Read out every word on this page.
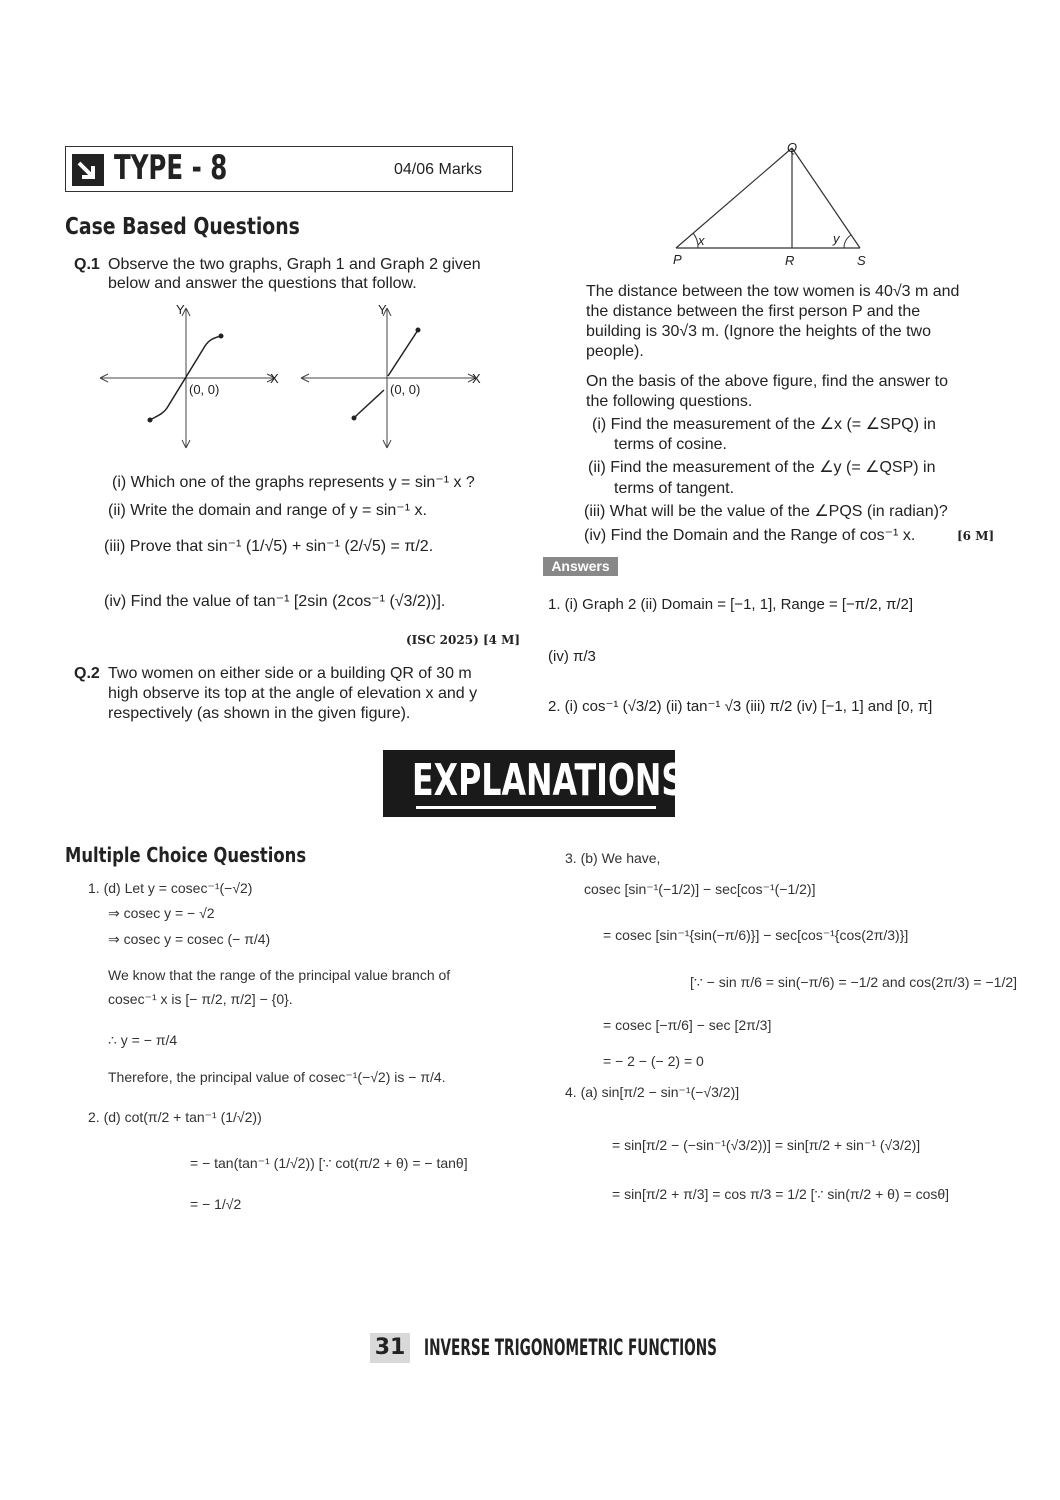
TYPE - 8	04/06 Marks
Case Based Questions
Q.1 Observe the two graphs, Graph 1 and Graph 2 given
below and answer the questions that follow.
(0, 0)
X
Y
(0, 0)
X
Y
(i) Which one of the graphs represents y = sin⁻¹ x ?
(ii) Write the domain and range of y = sin⁻¹ x.
(iii) Prove that sin⁻¹ (1/√5) + sin⁻¹ (2/√5) = π/2.
(iv) Find the value of tan⁻¹ [2sin (2cos⁻¹ (√3/2))].
(ISC 2025) [4 M]
Q.2 Two women on either side or a building QR of 30 m
high observe its top at the angle of elevation x and y
respectively (as shown in the given figure).
Q
P	R	S
x	y
The distance between the tow women is 40√3 m and
the distance between the first person P and the
building is 30√3 m. (Ignore the heights of the two
people).
On the basis of the above figure, find the answer to
the following questions.
(i) Find the measurement of the ∠x (= ∠SPQ) in
terms of cosine.
(ii) Find the measurement of the ∠y (= ∠QSP) in
terms of tangent.
(iii) What will be the value of the ∠PQS (in radian)?
(iv) Find the Domain and the Range of cos⁻¹ x.	[6 M]
Answers
1. (i) Graph 2 (ii) Domain = [−1, 1], Range = [−π/2, π/2]
(iv) π/3
2. (i) cos⁻¹ (√3/2) (ii) tan⁻¹ √3 (iii) π/2 (iv) [−1, 1] and [0, π]
EXPLANATIONS
Multiple Choice Questions
1. (d) Let y = cosec⁻¹(−√2)
⇒ cosec y = − √2
⇒ cosec y = cosec (− π/4)
We know that the range of the principal value branch of
cosec⁻¹ x is [− π/2, π/2] − {0}.
∴ y = − π/4
Therefore, the principal value of cosec⁻¹(−√2) is − π/4.
2. (d) cot(π/2 + tan⁻¹ (1/√2))
= − tan(tan⁻¹ (1/√2)) [∵ cot(π/2 + θ) = − tanθ]
= − 1/√2
3. (b) We have,
cosec [sin⁻¹(−1/2)] − sec[cos⁻¹(−1/2)]
= cosec [sin⁻¹{sin(−π/6)}] − sec[cos⁻¹{cos(2π/3)}]
[∵ − sin π/6 = sin(−π/6) = −1/2 and cos(2π/3) = −1/2]
= cosec [−π/6] − sec [2π/3]
= − 2 − (− 2) = 0
4. (a) sin[π/2 − sin⁻¹(−√3/2)]
= sin[π/2 − (−sin⁻¹(√3/2))] = sin[π/2 + sin⁻¹ (√3/2)]
= sin[π/2 + π/3] = cos π/3 = 1/2 [∵ sin(π/2 + θ) = cosθ]
31 INVERSE TRIGONOMETRIC FUNCTIONS
